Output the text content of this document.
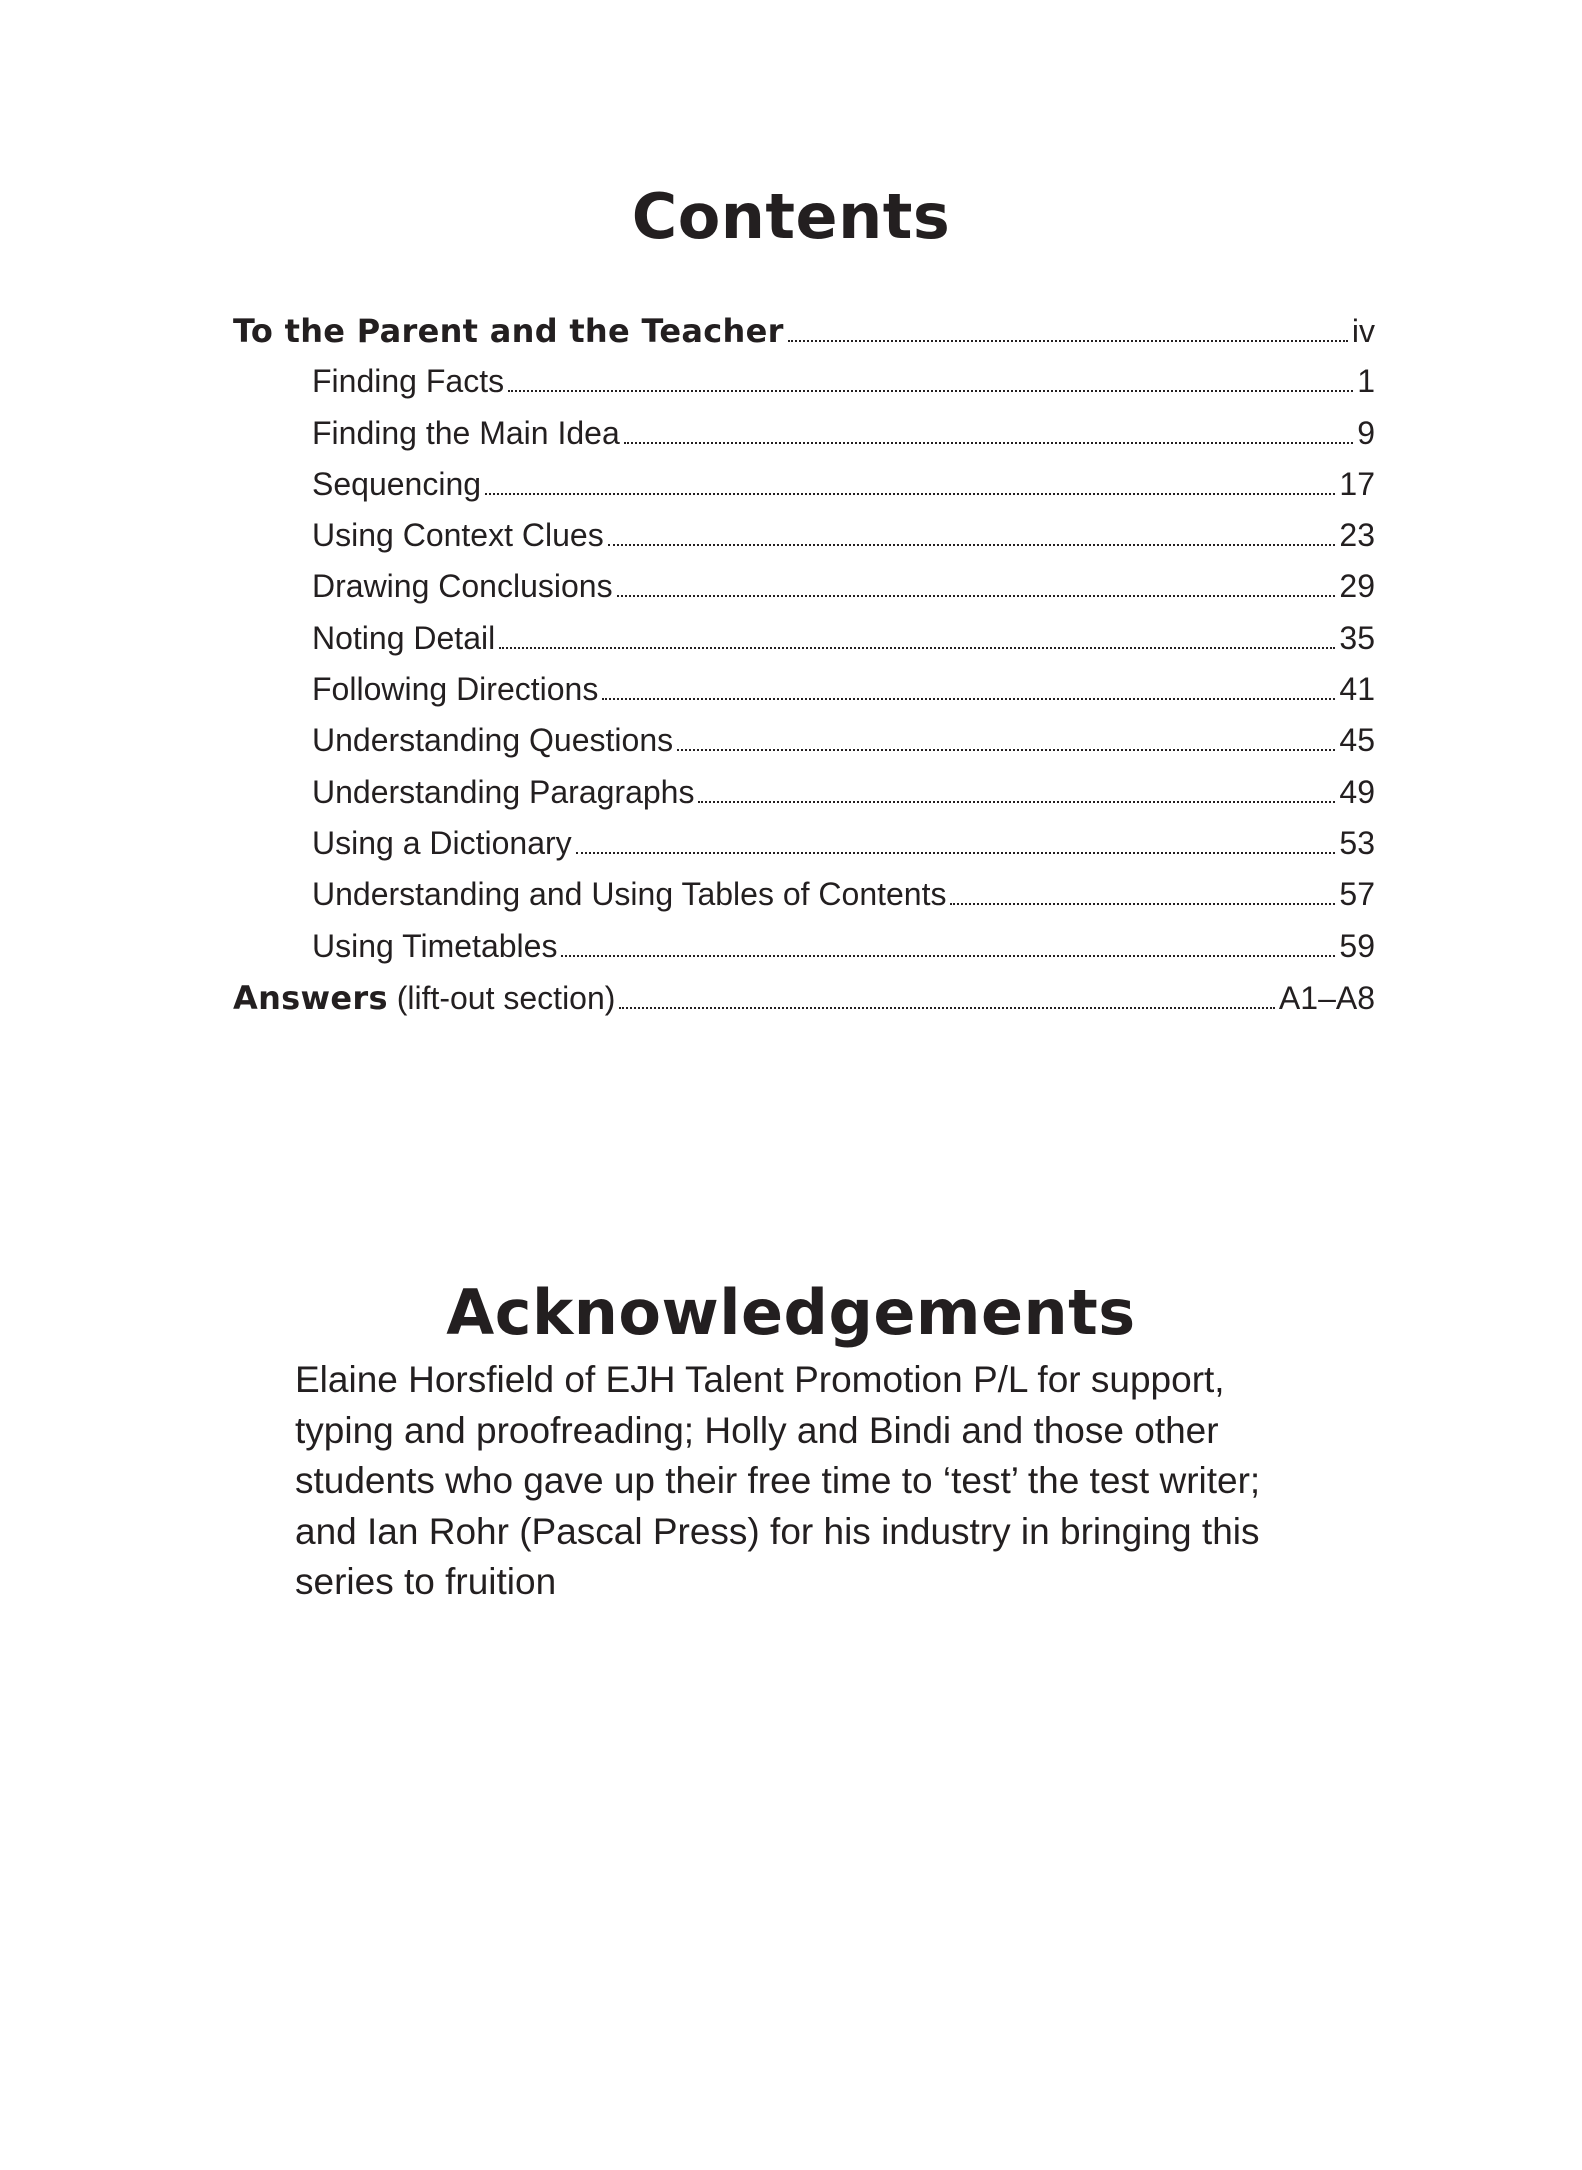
Contents
To the Parent and the Teacher	iv
Finding Facts	1
Finding the Main Idea	9
Sequencing	17
Using Context Clues	23
Drawing Conclusions	29
Noting Detail	35
Following Directions	41
Understanding Questions	45
Understanding Paragraphs	49
Using a Dictionary	53
Understanding and Using Tables of Contents	57
Using Timetables	59
Answers (lift-out section)	A1–A8
Acknowledgements
Elaine Horsfield of EJH Talent Promotion P/L for support,
typing and proofreading; Holly and Bindi and those other
students who gave up their free time to ‘test’ the test writer;
and Ian Rohr (Pascal Press) for his industry in bringing this
series to fruition
